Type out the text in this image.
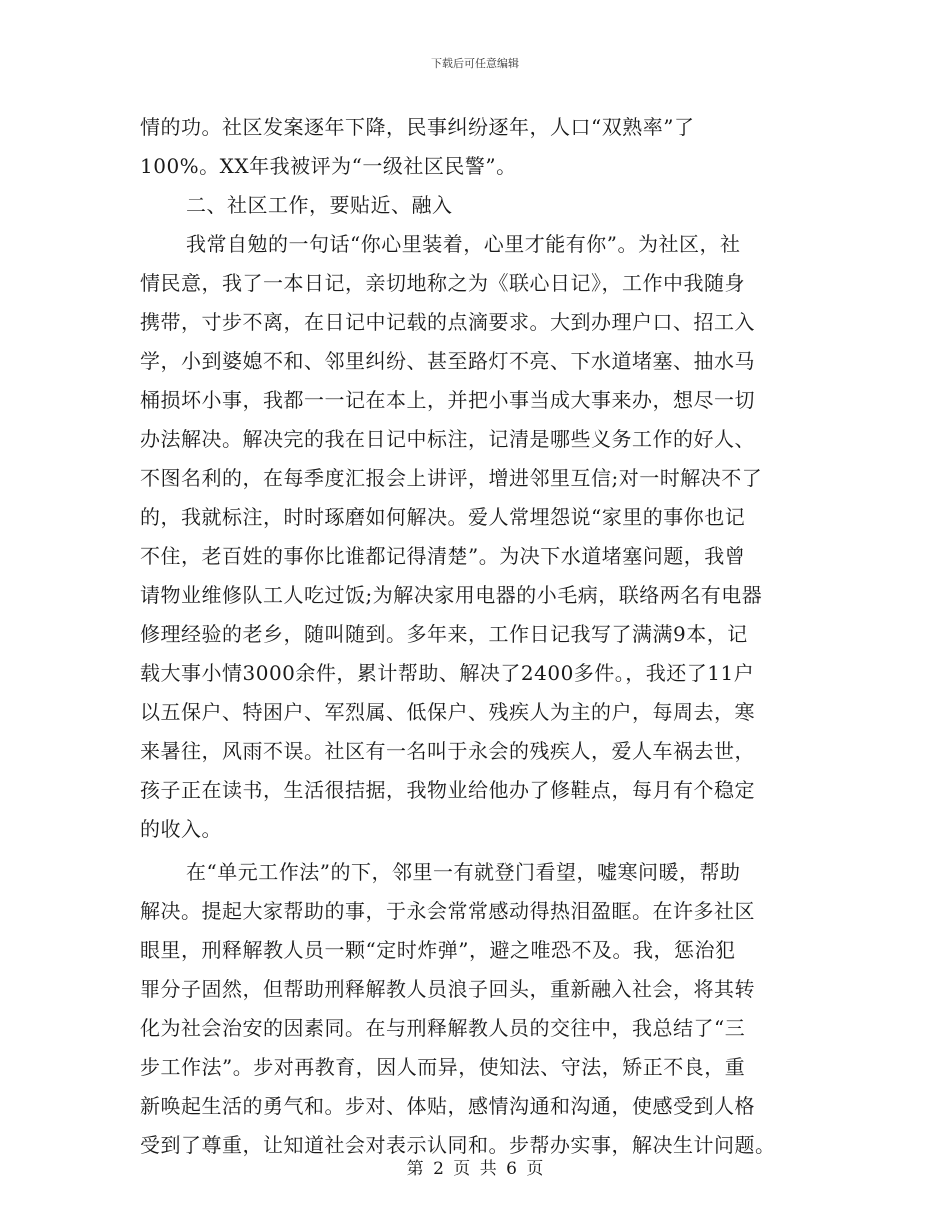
下载后可任意编辑
情的功。社区发案逐年下降，民事纠纷逐年，人口“双熟率”了
100%。XX年我被评为“一级社区民警”。
二、社区工作，要贴近、融入
我常自勉的一句话“你心里装着，心里才能有你”。为社区，社
情民意，我了一本日记，亲切地称之为《联心日记》，工作中我随身
携带，寸步不离，在日记中记载的点滴要求。大到办理户口、招工入
学，小到婆媳不和、邻里纠纷、甚至路灯不亮、下水道堵塞、抽水马
桶损坏小事，我都一一记在本上，并把小事当成大事来办，想尽一切
办法解决。解决完的我在日记中标注，记清是哪些义务工作的好人、
不图名利的，在每季度汇报会上讲评，增进邻里互信;对一时解决不了
的，我就标注，时时琢磨如何解决。爱人常埋怨说“家里的事你也记
不住，老百姓的事你比谁都记得清楚”。为决下水道堵塞问题，我曾
请物业维修队工人吃过饭;为解决家用电器的小毛病，联络两名有电器
修理经验的老乡，随叫随到。多年来，工作日记我写了满满9本，记
载大事小情3000余件，累计帮助、解决了2400多件。，我还了11户
以五保户、特困户、军烈属、低保户、残疾人为主的户，每周去，寒
来暑往，风雨不误。社区有一名叫于永会的残疾人，爱人车祸去世，
孩子正在读书，生活很拮据，我物业给他办了修鞋点，每月有个稳定
的收入。
在“单元工作法”的下，邻里一有就登门看望，嘘寒问暖，帮助
解决。提起大家帮助的事，于永会常常感动得热泪盈眶。在许多社区
眼里，刑释解教人员一颗“定时炸弹”，避之唯恐不及。我，惩治犯
罪分子固然，但帮助刑释解教人员浪子回头，重新融入社会，将其转
化为社会治安的因素同。在与刑释解教人员的交往中，我总结了“三
步工作法”。步对再教育，因人而异，使知法、守法，矫正不良，重
新唤起生活的勇气和。步对、体贴，感情沟通和沟通，使感受到人格
受到了尊重，让知道社会对表示认同和。步帮办实事，解决生计问题。
第 2 页 共 6 页
